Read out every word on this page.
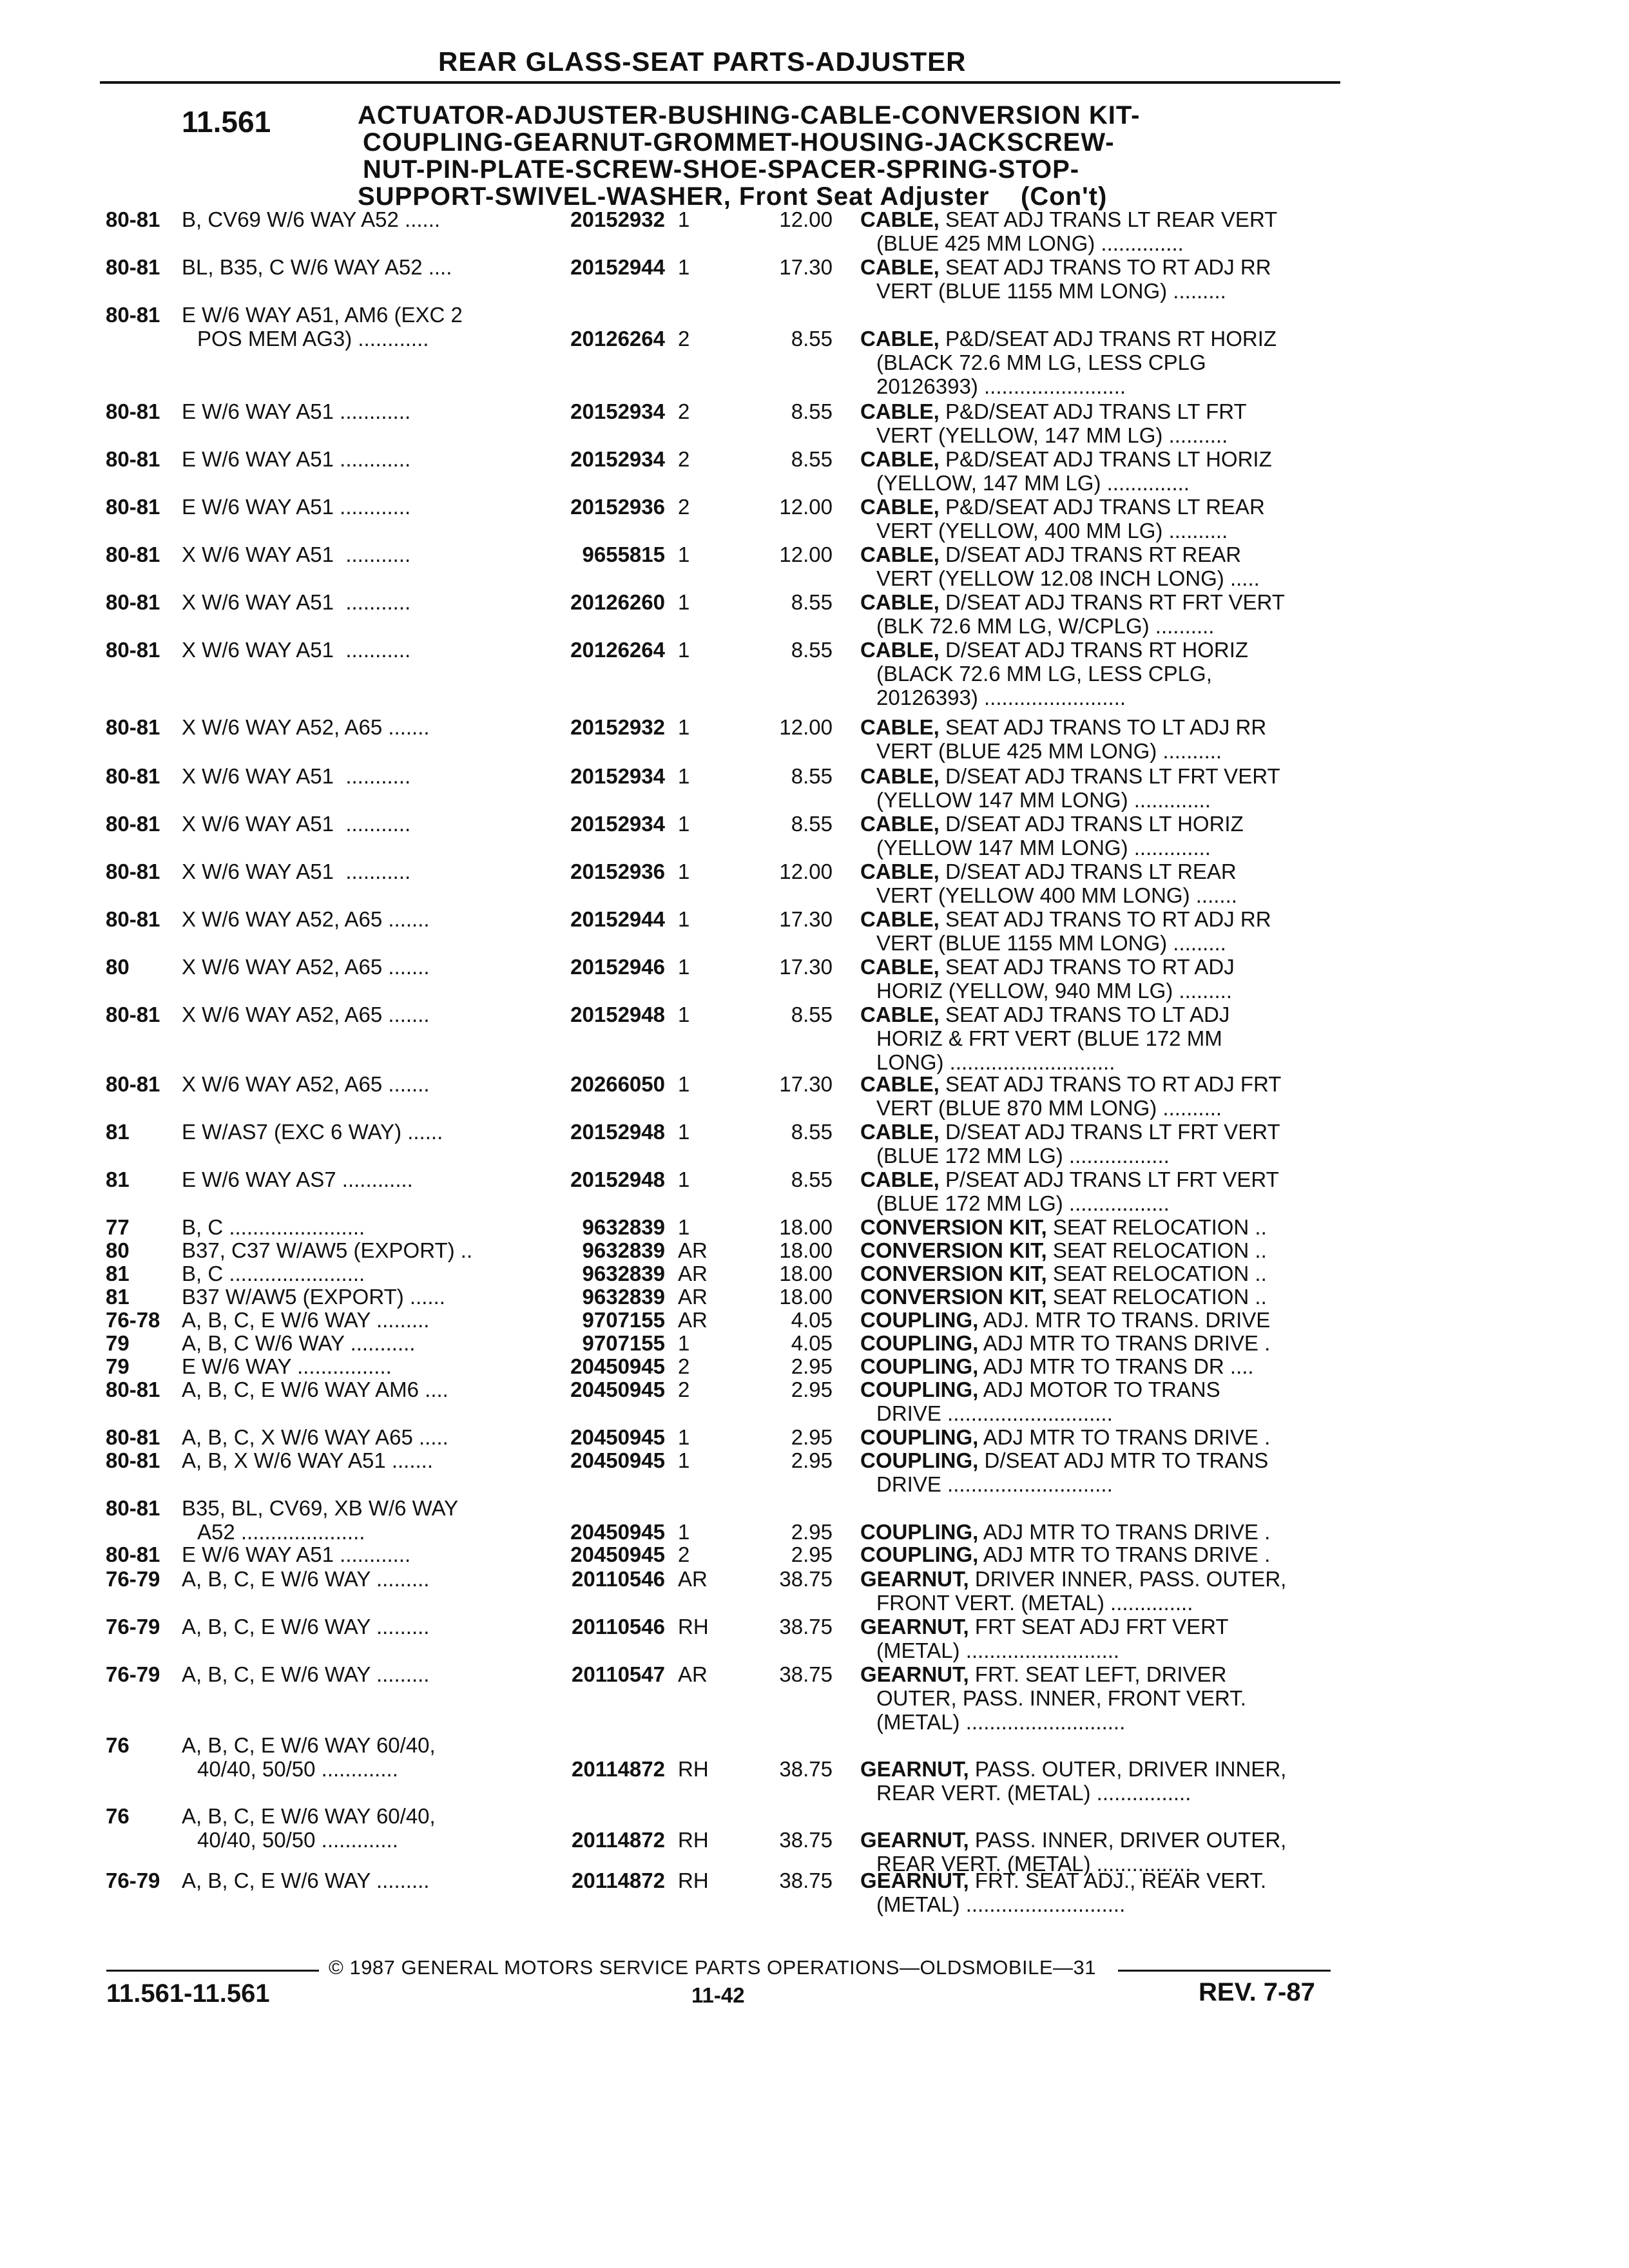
REAR GLASS-SEAT PARTS-ADJUSTER
11.561	ACTUATOR-ADJUSTER-BUSHING-CABLE-CONVERSION KIT-
COUPLING-GEARNUT-GROMMET-HOUSING-JACKSCREW-
NUT-PIN-PLATE-SCREW-SHOE-SPACER-SPRING-STOP-
SUPPORT-SWIVEL-WASHER, Front Seat Adjuster    (Con't)
80-81 B, CV69 W/6 WAY A52 ......	20152932 1	12.00 CABLE, SEAT ADJ TRANS LT REAR VERT
(BLUE 425 MM LONG) ..............
80-81 BL, B35, C W/6 WAY A52 ....	20152944 1	17.30 CABLE, SEAT ADJ TRANS TO RT ADJ RR
VERT (BLUE 1155 MM LONG) .........
80-81 E W/6 WAY A51, AM6 (EXC 2
POS MEM AG3) ............	20126264 2	8.55 CABLE, P&D/SEAT ADJ TRANS RT HORIZ
(BLACK 72.6 MM LG, LESS CPLG
20126393) ........................
80-81 E W/6 WAY A51 ............	20152934 2	8.55 CABLE, P&D/SEAT ADJ TRANS LT FRT
VERT (YELLOW, 147 MM LG) ..........
80-81 E W/6 WAY A51 ............	20152934 2	8.55 CABLE, P&D/SEAT ADJ TRANS LT HORIZ
(YELLOW, 147 MM LG) ..............
80-81 E W/6 WAY A51 ............	20152936 2	12.00 CABLE, P&D/SEAT ADJ TRANS LT REAR
VERT (YELLOW, 400 MM LG) ..........
80-81 X W/6 WAY A51  ...........	9655815 1	12.00 CABLE, D/SEAT ADJ TRANS RT REAR
VERT (YELLOW 12.08 INCH LONG) .....
80-81 X W/6 WAY A51  ...........	20126260 1	8.55 CABLE, D/SEAT ADJ TRANS RT FRT VERT
(BLK 72.6 MM LG, W/CPLG) ..........
80-81 X W/6 WAY A51  ...........	20126264 1	8.55 CABLE, D/SEAT ADJ TRANS RT HORIZ
(BLACK 72.6 MM LG, LESS CPLG,
20126393) ........................
80-81 X W/6 WAY A52, A65 .......	20152932 1	12.00 CABLE, SEAT ADJ TRANS TO LT ADJ RR
VERT (BLUE 425 MM LONG) ..........
80-81 X W/6 WAY A51  ...........	20152934 1	8.55 CABLE, D/SEAT ADJ TRANS LT FRT VERT
(YELLOW 147 MM LONG) .............
80-81 X W/6 WAY A51  ...........	20152934 1	8.55 CABLE, D/SEAT ADJ TRANS LT HORIZ
(YELLOW 147 MM LONG) .............
80-81 X W/6 WAY A51  ...........	20152936 1	12.00 CABLE, D/SEAT ADJ TRANS LT REAR
VERT (YELLOW 400 MM LONG) .......
80-81 X W/6 WAY A52, A65 .......	20152944 1	17.30 CABLE, SEAT ADJ TRANS TO RT ADJ RR
VERT (BLUE 1155 MM LONG) .........
80 X W/6 WAY A52, A65 .......	20152946 1	17.30 CABLE, SEAT ADJ TRANS TO RT ADJ
HORIZ (YELLOW, 940 MM LG) .........
80-81 X W/6 WAY A52, A65 .......	20152948 1	8.55 CABLE, SEAT ADJ TRANS TO LT ADJ
HORIZ & FRT VERT (BLUE 172 MM
LONG) ............................
80-81 X W/6 WAY A52, A65 .......	20266050 1	17.30 CABLE, SEAT ADJ TRANS TO RT ADJ FRT
VERT (BLUE 870 MM LONG) ..........
81 E W/AS7 (EXC 6 WAY) ......	20152948 1	8.55 CABLE, D/SEAT ADJ TRANS LT FRT VERT
(BLUE 172 MM LG) .................
81 E W/6 WAY AS7 ............	20152948 1	8.55 CABLE, P/SEAT ADJ TRANS LT FRT VERT
(BLUE 172 MM LG) .................
77 B, C .......................	9632839 1	18.00 CONVERSION KIT, SEAT RELOCATION ..
80 B37, C37 W/AW5 (EXPORT) ..	9632839 AR	18.00 CONVERSION KIT, SEAT RELOCATION ..
81 B, C .......................	9632839 AR	18.00 CONVERSION KIT, SEAT RELOCATION ..
81 B37 W/AW5 (EXPORT) ......	9632839 AR	18.00 CONVERSION KIT, SEAT RELOCATION ..
76-78 A, B, C, E W/6 WAY .........	9707155 AR	4.05 COUPLING, ADJ. MTR TO TRANS. DRIVE
79 A, B, C W/6 WAY ...........	9707155 1	4.05 COUPLING, ADJ MTR TO TRANS DRIVE .
79 E W/6 WAY ................	20450945 2	2.95 COUPLING, ADJ MTR TO TRANS DR ....
80-81 A, B, C, E W/6 WAY AM6 ....	20450945 2	2.95 COUPLING, ADJ MOTOR TO TRANS
DRIVE ............................
80-81 A, B, C, X W/6 WAY A65 .....	20450945 1	2.95 COUPLING, ADJ MTR TO TRANS DRIVE .
80-81 A, B, X W/6 WAY A51 .......	20450945 1	2.95 COUPLING, D/SEAT ADJ MTR TO TRANS
DRIVE ............................
80-81 B35, BL, CV69, XB W/6 WAY
A52 .....................	20450945 1	2.95 COUPLING, ADJ MTR TO TRANS DRIVE .
80-81 E W/6 WAY A51 ............	20450945 2	2.95 COUPLING, ADJ MTR TO TRANS DRIVE .
76-79 A, B, C, E W/6 WAY .........	20110546 AR	38.75 GEARNUT, DRIVER INNER, PASS. OUTER,
FRONT VERT. (METAL) ..............
76-79 A, B, C, E W/6 WAY .........	20110546 RH	38.75 GEARNUT, FRT SEAT ADJ FRT VERT
(METAL) ..........................
76-79 A, B, C, E W/6 WAY .........	20110547 AR	38.75 GEARNUT, FRT. SEAT LEFT, DRIVER
OUTER, PASS. INNER, FRONT VERT.
(METAL) ...........................
76 A, B, C, E W/6 WAY 60/40,
40/40, 50/50 .............	20114872 RH	38.75 GEARNUT, PASS. OUTER, DRIVER INNER,
REAR VERT. (METAL) ................
76 A, B, C, E W/6 WAY 60/40,
40/40, 50/50 .............	20114872 RH	38.75 GEARNUT, PASS. INNER, DRIVER OUTER,
REAR VERT. (METAL) ................
76-79 A, B, C, E W/6 WAY .........	20114872 RH	38.75 GEARNUT, FRT. SEAT ADJ., REAR VERT.
(METAL) ...........................
© 1987 GENERAL MOTORS SERVICE PARTS OPERATIONS—OLDSMOBILE—31
11.561-11.561	11-42	REV. 7-87
